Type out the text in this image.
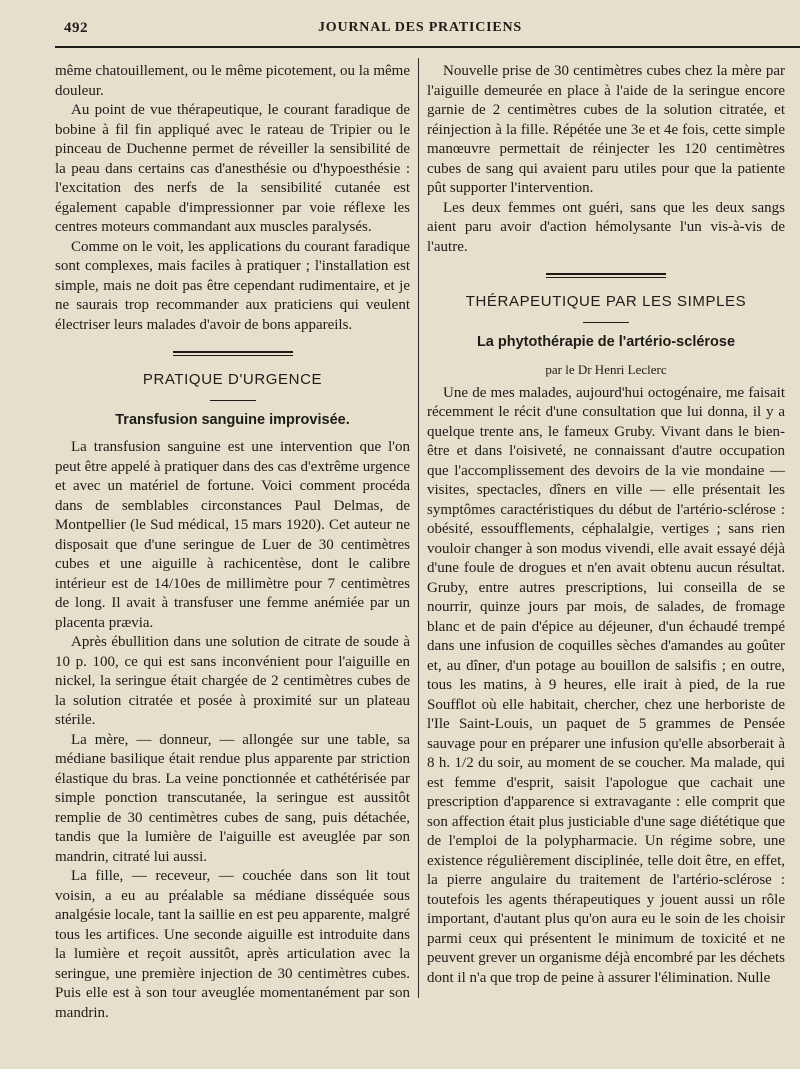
492	JOURNAL DES PRATICIENS

même chatouillement, ou le même picotement, ou la même douleur.

Au point de vue thérapeutique, le courant faradique de bobine à fil fin appliqué avec le rateau de Tripier ou le pinceau de Duchenne permet de réveiller la sensibilité de la peau dans certains cas d'anesthésie ou d'hypoesthésie : l'excitation des nerfs de la sensibilité cutanée est également capable d'impressionner par voie réflexe les centres moteurs commandant aux muscles paralysés.

Comme on le voit, les applications du courant faradique sont complexes, mais faciles à pratiquer ; l'installation est simple, mais ne doit pas être cependant rudimentaire, et je ne saurais trop recommander aux praticiens qui veulent électriser leurs malades d'avoir de bons appareils.

PRATIQUE D'URGENCE
Transfusion sanguine improvisée.

La transfusion sanguine est une intervention que l'on peut être appelé à pratiquer dans des cas d'extrême urgence et avec un matériel de fortune. Voici comment procéda dans de semblables circonstances Paul Delmas, de Montpellier (le Sud médical, 15 mars 1920). Cet auteur ne disposait que d'une seringue de Luer de 30 centimètres cubes et une aiguille à rachicentèse, dont le calibre intérieur est de 14/10es de millimètre pour 7 centimètres de long. Il avait à transfuser une femme anémiée par un placenta prævia.

Après ébullition dans une solution de citrate de soude à 10 p. 100, ce qui est sans inconvénient pour l'aiguille en nickel, la seringue était chargée de 2 centimètres cubes de la solution citratée et posée à proximité sur un plateau stérile.

La mère, — donneur, — allongée sur une table, sa médiane basilique était rendue plus apparente par striction élastique du bras. La veine ponctionnée et cathétérisée par simple ponction transcutanée, la seringue est aussitôt remplie de 30 centimètres cubes de sang, puis détachée, tandis que la lumière de l'aiguille est aveuglée par son mandrin, citraté lui aussi.

La fille, — receveur, — couchée dans son lit tout voisin, a eu au préalable sa médiane disséquée sous analgésie locale, tant la saillie en est peu apparente, malgré tous les artifices. Une seconde aiguille est introduite dans la lumière et reçoit aussitôt, après articulation avec la seringue, une première injection de 30 centimètres cubes. Puis elle est à son tour aveuglée momentanément par son mandrin.

Nouvelle prise de 30 centimètres cubes chez la mère par l'aiguille demeurée en place à l'aide de la seringue encore garnie de 2 centimètres cubes de la solution citratée, et réinjection à la fille. Répétée une 3e et 4e fois, cette simple manœuvre permettait de réinjecter les 120 centimètres cubes de sang qui avaient paru utiles pour que la patiente pût supporter l'intervention.

Les deux femmes ont guéri, sans que les deux sangs aient paru avoir d'action hémolysante l'un vis-à-vis de l'autre.

THÉRAPEUTIQUE PAR LES SIMPLES
La phytothérapie de l'artério-sclérose
par le Dr Henri Leclerc

Une de mes malades, aujourd'hui octogénaire, me faisait récemment le récit d'une consultation que lui donna, il y a quelque trente ans, le fameux Gruby. Vivant dans le bien-être et dans l'oisiveté, ne connaissant d'autre occupation que l'accomplissement des devoirs de la vie mondaine — visites, spectacles, dîners en ville — elle présentait les symptômes caractéristiques du début de l'artério-sclérose : obésité, essoufflements, céphalalgie, vertiges ; sans rien vouloir changer à son modus vivendi, elle avait essayé déjà d'une foule de drogues et n'en avait obtenu aucun résultat. Gruby, entre autres prescriptions, lui conseilla de se nourrir, quinze jours par mois, de salades, de fromage blanc et de pain d'épice au déjeuner, d'un échaudé trempé dans une infusion de coquilles sèches d'amandes au goûter et, au dîner, d'un potage au bouillon de salsifis ; en outre, tous les matins, à 9 heures, elle irait à pied, de la rue Soufflot où elle habitait, chercher, chez une herboriste de l'Ile Saint-Louis, un paquet de 5 grammes de Pensée sauvage pour en préparer une infusion qu'elle absorberait à 8 h. 1/2 du soir, au moment de se coucher. Ma malade, qui est femme d'esprit, saisit l'apologue que cachait une prescription d'apparence si extravagante : elle comprit que son affection était plus justiciable d'une sage diététique que de l'emploi de la polypharmacie. Un régime sobre, une existence régulièrement disciplinée, telle doit être, en effet, la pierre angulaire du traitement de l'artério-sclérose : toutefois les agents thérapeutiques y jouent aussi un rôle important, d'autant plus qu'on aura eu le soin de les choisir parmi ceux qui présentent le minimum de toxicité et ne peuvent grever un organisme déjà encombré par les déchets dont il n'a que trop de peine à assurer l'élimination. Nulle
